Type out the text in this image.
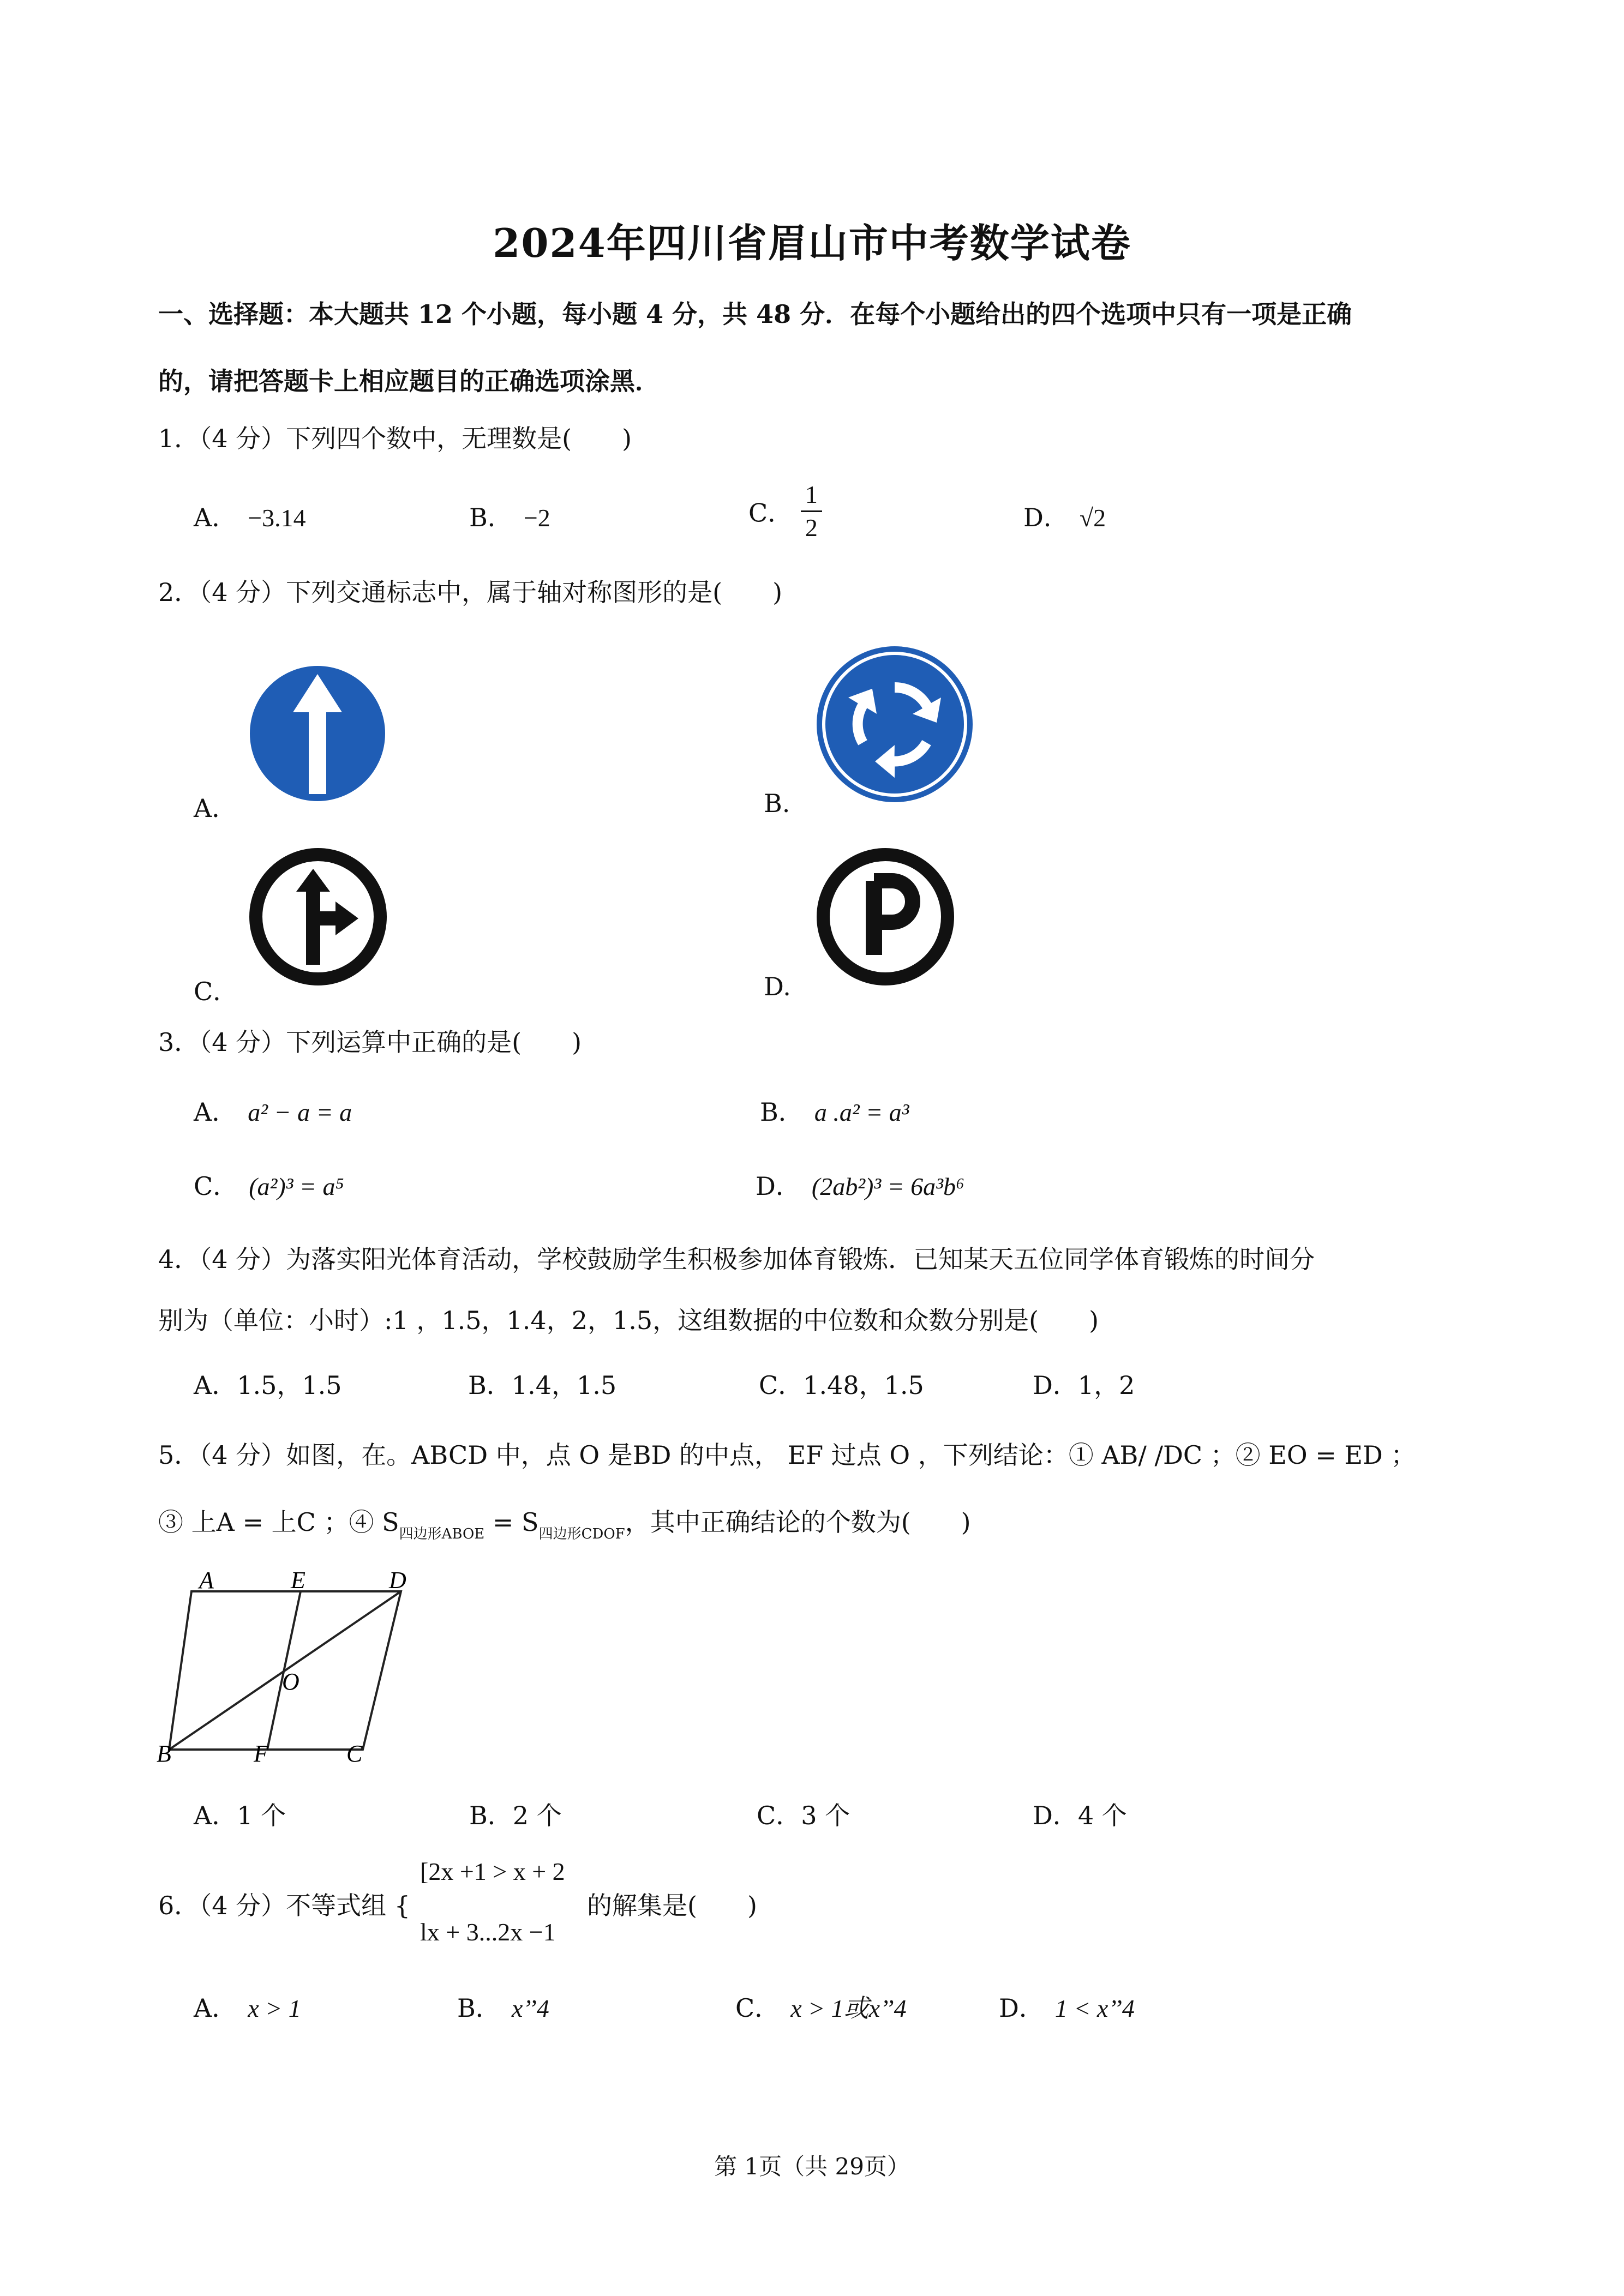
2024年四川省眉山市中考数学试卷
一、选择题：本大题共 12 个小题，每小题 4 分，共 48 分．在每个小题给出的四个选项中只有一项是正确
的，请把答题卡上相应题目的正确选项涂黑．
1．（4 分）下列四个数中，无理数是(　　)
A． −3.14	B． −2	C． $\frac{1}{2}$	D． √2
2．（4 分）下列交通标志中，属于轴对称图形的是(　　)
A．	B.
C．	D.
3．（4 分）下列运算中正确的是(　　)
A． a² − a = a	B． a .a² = a³
C． (a²)³ = a⁵	D． (2ab²)³ = 6a³b⁶
4．（4 分）为落实阳光体育活动，学校鼓励学生积极参加体育锻炼．已知某天五位同学体育锻炼的时间分
别为（单位：小时）:1 ，1.5，1.4，2，1.5，这组数据的中位数和众数分别是(　　)
A．1.5，1.5	B．1.4，1.5	C．1.48，1.5	D．1，2
5．（4 分）如图，在。ABCD 中，点 O 是BD 的中点， EF 过点 O ，下列结论：① AB/ /DC ；② EO = ED ；
③ 上A = 上C ；④ $S_{四边形ABOE} = S_{四边形CDOF}$，其中正确结论的个数为(　　)
A	E	D
O
B	F	C
A．1 个	B．2 个	C．3 个	D．4 个
6．（4 分）不等式组 {
[2x +1 > x + 2
lx + 3...2x −1
的解集是(　　)
A． x > 1	B． x’’4	C． x > 1或x’’4	D． 1 < x’’4
第 1页（共 29页）
